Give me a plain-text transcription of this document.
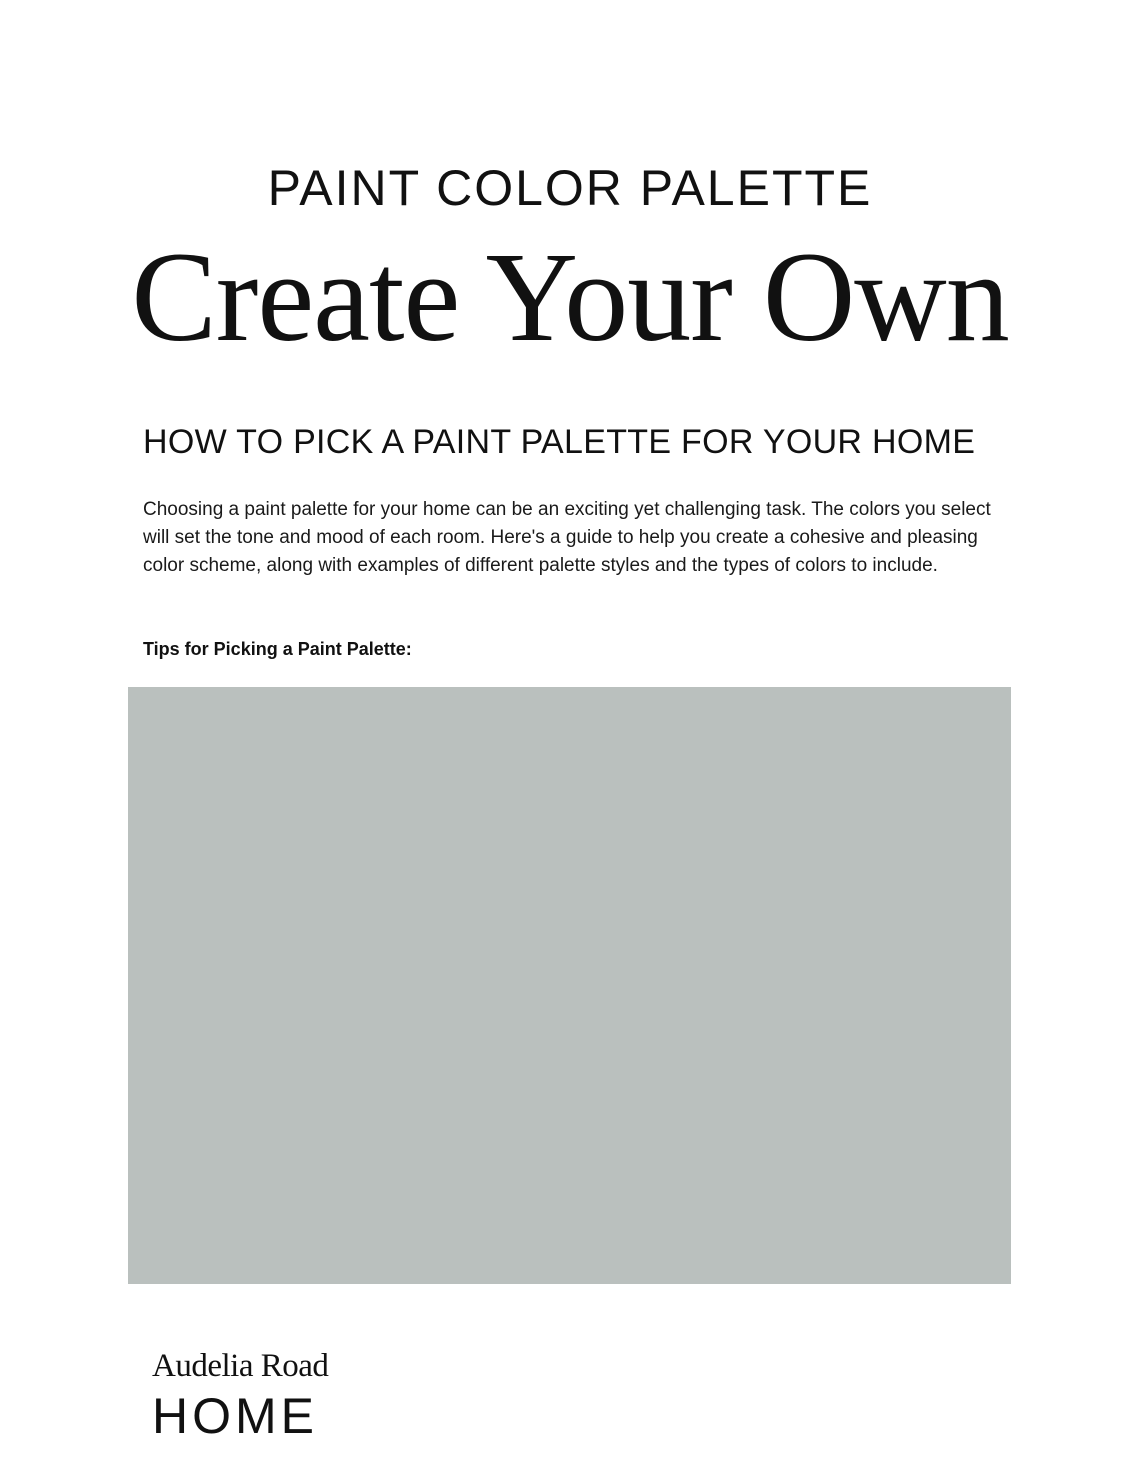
PAINT COLOR PALETTE
Create Your Own
HOW TO PICK A PAINT PALETTE FOR YOUR HOME

Choosing a paint palette for your home can be an exciting yet challenging task. The colors you select will set the tone and mood of each room. Here's a guide to help you create a cohesive and pleasing color scheme, along with examples of different palette styles and the types of colors to include.

Tips for Picking a Paint Palette:
Audelia Road
HOME
